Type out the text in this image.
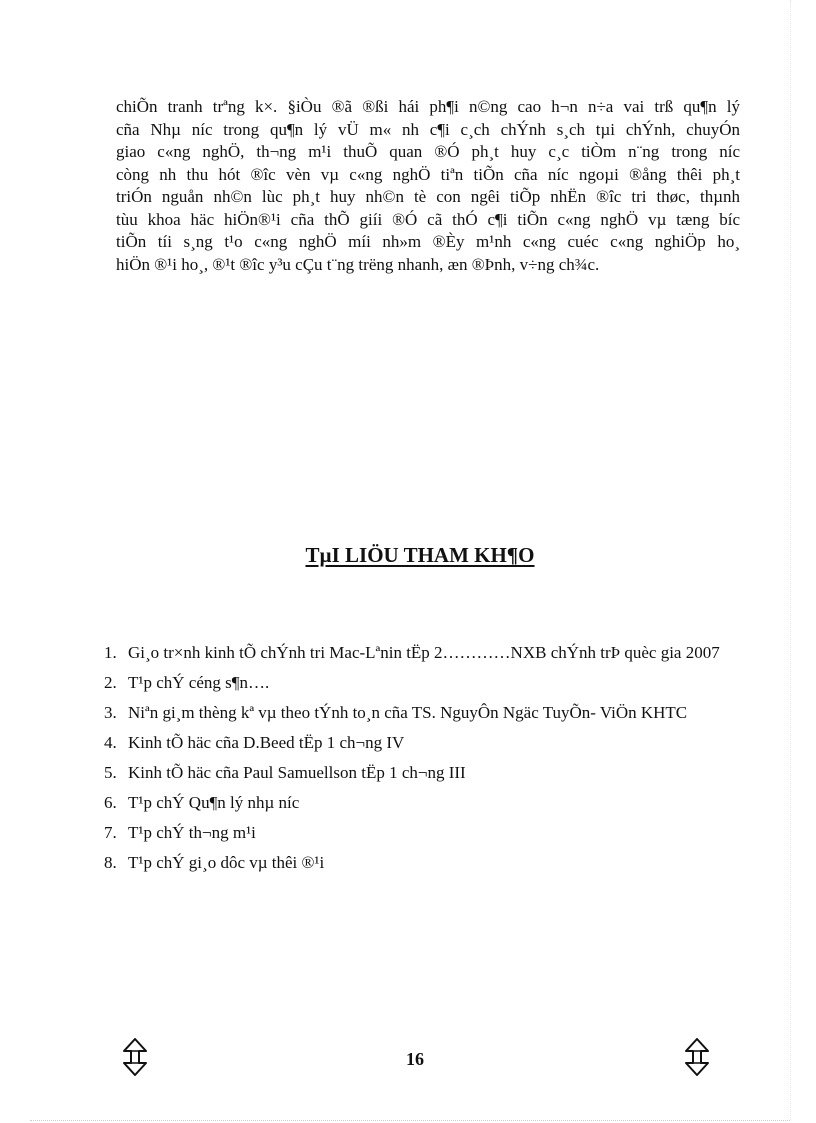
chiÕn tranh trªng k×. §iÒu ®ã ®ßi hái ph¶i n©ng cao h¬n n÷a vai trß qu¶n lý
cña Nhµ níc trong qu¶n lý vÜ m« nh c¶i c¸ch chÝnh s¸ch tµi chÝnh, chuyÓn
giao c«ng nghÖ, th¬ng m¹i thuÕ quan ®Ó ph¸t huy c¸c tiÒm n¨ng trong níc
còng nh thu hót ®îc vèn vµ c«ng nghÖ tiªn tiÕn cña níc ngoµi ®ång thêi ph¸t
triÓn nguån nh©n lùc ph¸t huy nh©n tè con ngêi tiÕp nhËn ®îc tri thøc, thµnh
tùu khoa häc hiÖn®¹i cña thÕ giíi ®Ó cã thÓ c¶i tiÕn c«ng nghÖ vµ tæng bíc
tiÕn tíi s¸ng t¹o c«ng nghÖ míi nh»m ®Èy m¹nh c«ng cuéc c«ng nghiÖp ho¸
hiÖn ®¹i ho¸, ®¹t ®îc y³u cÇu t¨ng trëng nhanh, æn ®Þnh, v÷ng ch¾c.
TµI LIÖU THAM KH¶O
1. Gi¸o tr×nh kinh tÕ chÝnh tri Mac-Lªnin tËp 2…………NXB chÝnh trÞ quèc gia 2007
2. T¹p chÝ céng s¶n….
3. Niªn gi¸m thèng kª vµ theo tÝnh to¸n cña TS. NguyÔn Ngäc TuyÕn- ViÖn KHTC
4. Kinh tÕ häc cña D.Beed tËp 1 ch¬ng IV
5. Kinh tÕ häc cña Paul Samuellson tËp 1 ch¬ng III
6. T¹p chÝ Qu¶n lý nhµ níc
7. T¹p chÝ th¬ng m¹i
8. T¹p chÝ gi¸o dôc vµ thêi ®¹i
16
